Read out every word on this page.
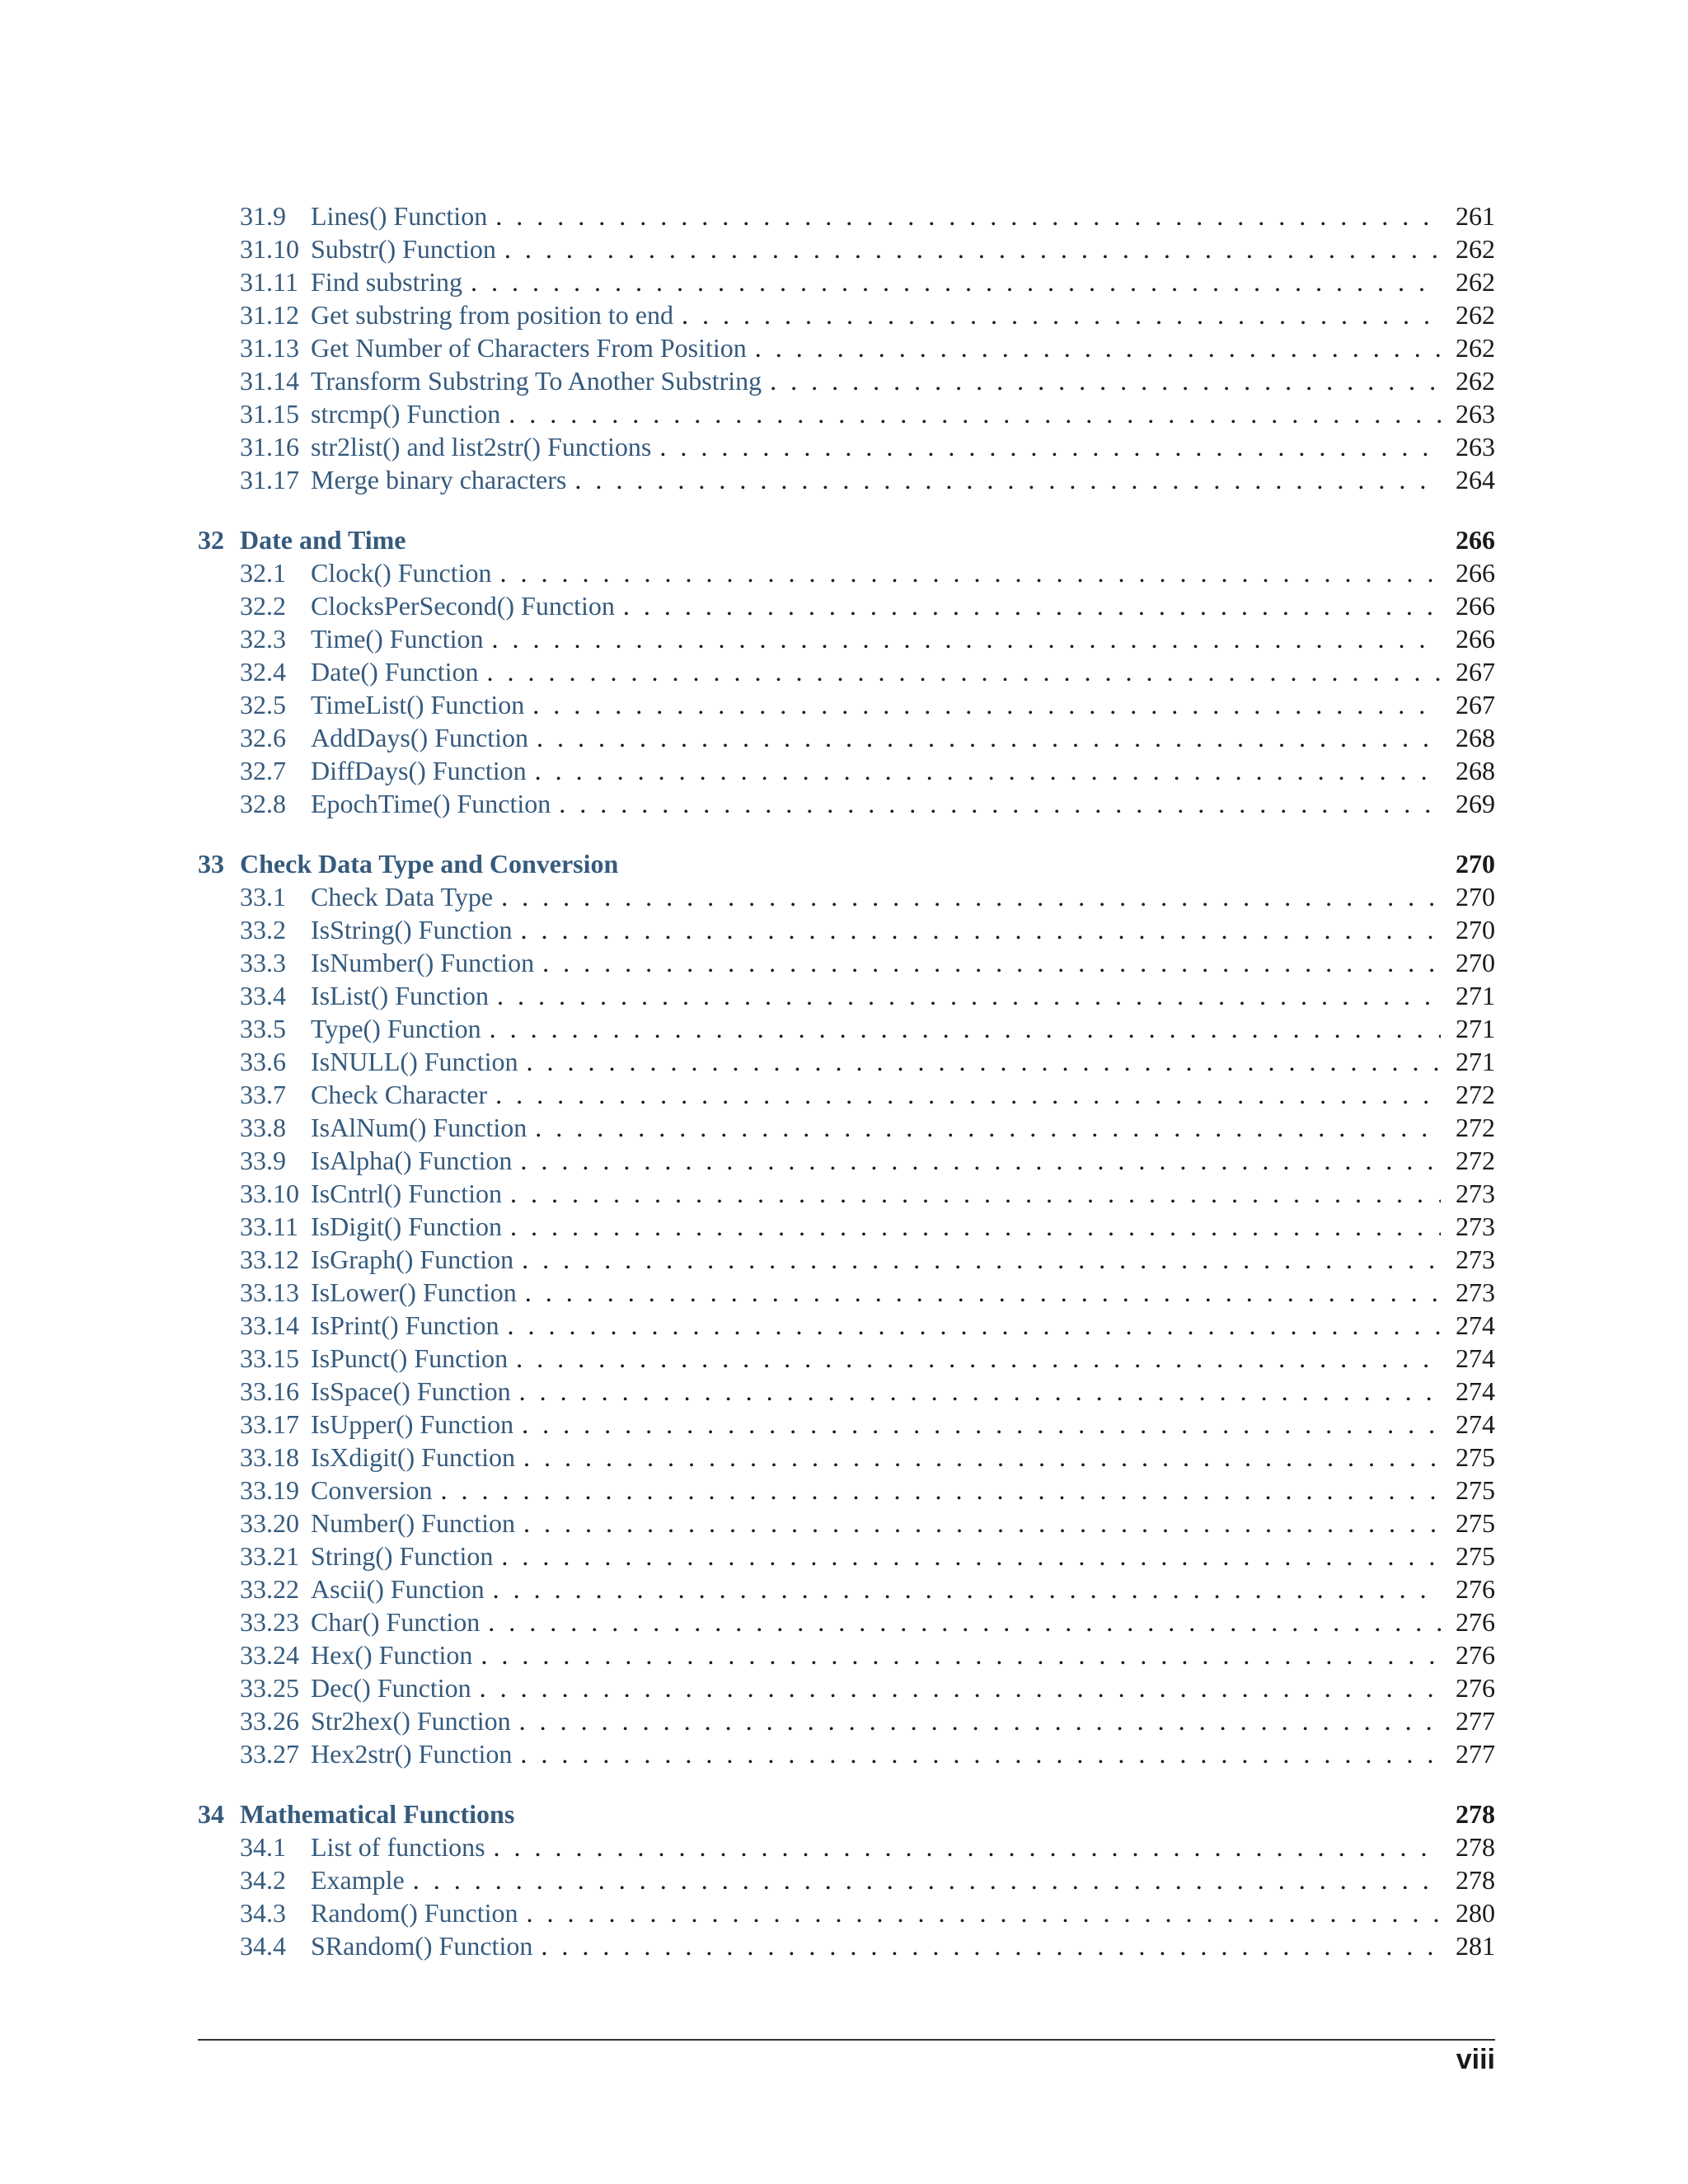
31.9 Lines() Function . . .	261
31.10 Substr() Function . . .	262
31.11 Find substring . . .	262
31.12 Get substring from position to end . . .	262
31.13 Get Number of Characters From Position . . .	262
31.14 Transform Substring To Another Substring . . .	262
31.15 strcmp() Function . . .	263
31.16 str2list() and list2str() Functions . . .	263
31.17 Merge binary characters . . .	264
32 Date and Time	266
32.1 Clock() Function . . .	266
32.2 ClocksPerSecond() Function . . .	266
32.3 Time() Function . . .	266
32.4 Date() Function . . .	267
32.5 TimeList() Function . . .	267
32.6 AddDays() Function . . .	268
32.7 DiffDays() Function . . .	268
32.8 EpochTime() Function . . .	269
33 Check Data Type and Conversion	270
33.1 Check Data Type . . .	270
33.2 IsString() Function . . .	270
33.3 IsNumber() Function . . .	270
33.4 IsList() Function . . .	271
33.5 Type() Function . . .	271
33.6 IsNULL() Function . . .	271
33.7 Check Character . . .	272
33.8 IsAlNum() Function . . .	272
33.9 IsAlpha() Function . . .	272
33.10 IsCntrl() Function . . .	273
33.11 IsDigit() Function . . .	273
33.12 IsGraph() Function . . .	273
33.13 IsLower() Function . . .	273
33.14 IsPrint() Function . . .	274
33.15 IsPunct() Function . . .	274
33.16 IsSpace() Function . . .	274
33.17 IsUpper() Function . . .	274
33.18 IsXdigit() Function . . .	275
33.19 Conversion . . .	275
33.20 Number() Function . . .	275
33.21 String() Function . . .	275
33.22 Ascii() Function . . .	276
33.23 Char() Function . . .	276
33.24 Hex() Function . . .	276
33.25 Dec() Function . . .	276
33.26 Str2hex() Function . . .	277
33.27 Hex2str() Function . . .	277
34 Mathematical Functions	278
34.1 List of functions . . .	278
34.2 Example . . .	278
34.3 Random() Function . . .	280
34.4 SRandom() Function . . .	281
viii
